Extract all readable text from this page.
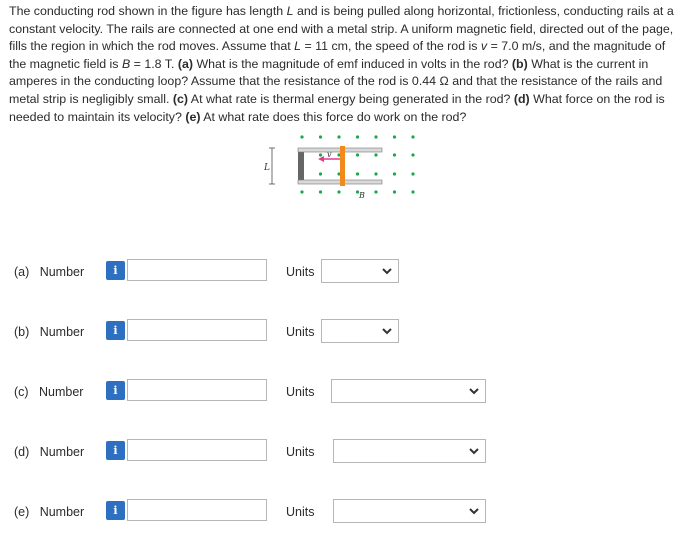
The conducting rod shown in the figure has length L and is being pulled along horizontal, frictionless, conducting rails at a constant velocity. The rails are connected at one end with a metal strip. A uniform magnetic field, directed out of the page, fills the region in which the rod moves. Assume that L = 11 cm, the speed of the rod is v = 7.0 m/s, and the magnitude of the magnetic field is B = 1.8 T. (a) What is the magnitude of emf induced in volts in the rod? (b) What is the current in amperes in the conducting loop? Assume that the resistance of the rod is 0.44 Ω and that the resistance of the rails and metal strip is negligibly small. (c) At what rate is thermal energy being generated in the rod? (d) What force on the rod is needed to maintain its velocity? (e) At what rate does this force do work on the rod?
L
v
B
(a) Number	i	Units
(b) Number	i	Units
(c) Number	i	Units
(d) Number	i	Units
(e) Number	i	Units
